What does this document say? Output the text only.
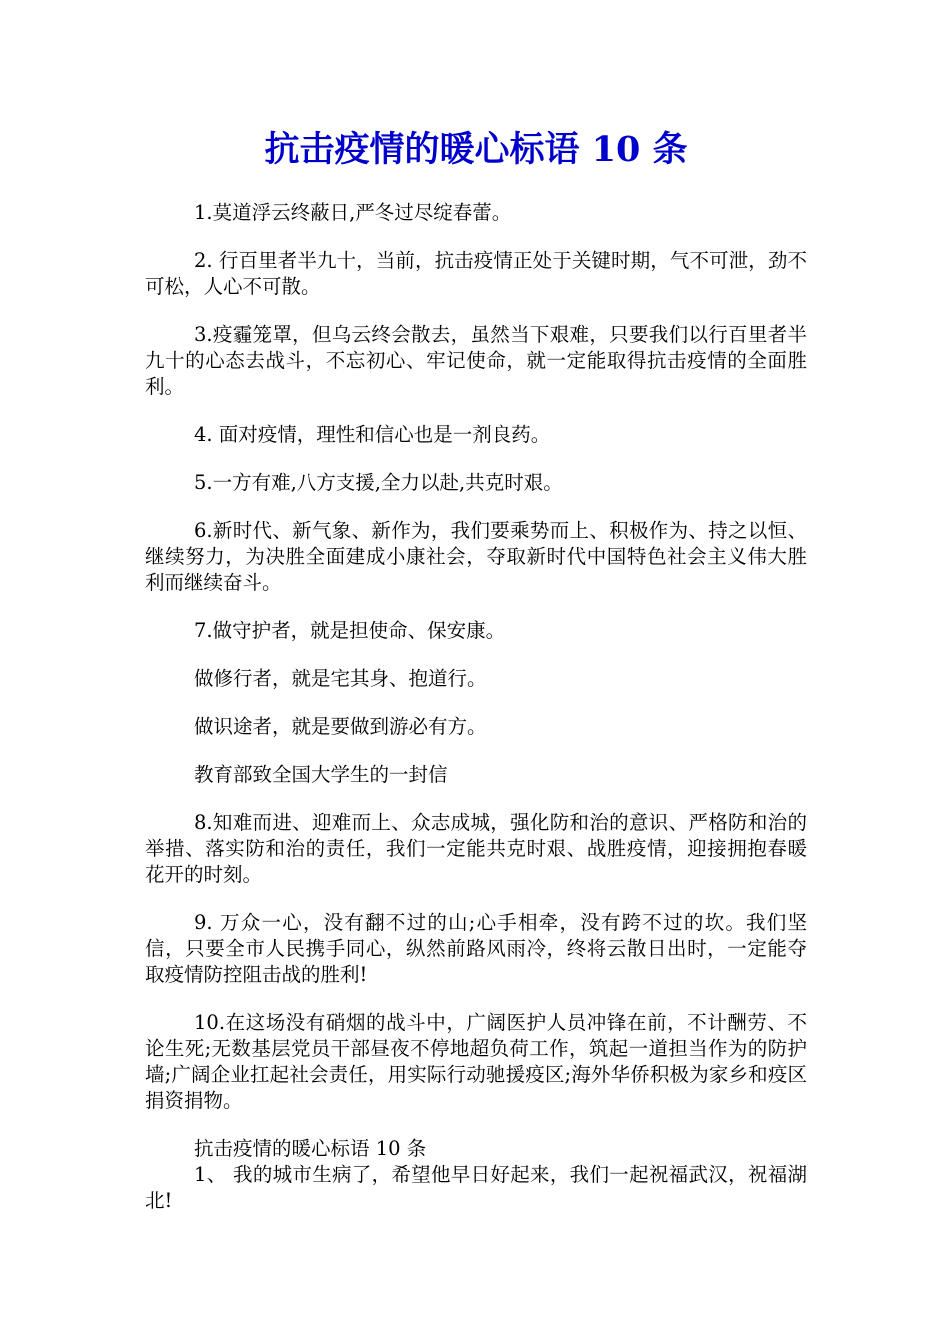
抗击疫情的暖心标语 10 条

1.莫道浮云终蔽日,严冬过尽绽春蕾。

2. 行百里者半九十，当前，抗击疫情正处于关键时期，气不可泄，劲不可松，人心不可散。

3.疫霾笼罩，但乌云终会散去，虽然当下艰难，只要我们以行百里者半九十的心态去战斗，不忘初心、牢记使命，就一定能取得抗击疫情的全面胜利。

4. 面对疫情，理性和信心也是一剂良药。

5.一方有难,八方支援,全力以赴,共克时艰。

6.新时代、新气象、新作为，我们要乘势而上、积极作为、持之以恒、继续努力，为决胜全面建成小康社会，夺取新时代中国特色社会主义伟大胜利而继续奋斗。

7.做守护者，就是担使命、保安康。

做修行者，就是宅其身、抱道行。

做识途者，就是要做到游必有方。

教育部致全国大学生的一封信

8.知难而进、迎难而上、众志成城，强化防和治的意识、严格防和治的举措、落实防和治的责任，我们一定能共克时艰、战胜疫情，迎接拥抱春暖花开的时刻。

9. 万众一心，没有翻不过的山;心手相牵，没有跨不过的坎。我们坚信，只要全市人民携手同心，纵然前路风雨冷，终将云散日出时，一定能夺取疫情防控阻击战的胜利!

10.在这场没有硝烟的战斗中，广阔医护人员冲锋在前，不计酬劳、不论生死;无数基层党员干部昼夜不停地超负荷工作，筑起一道担当作为的防护墙;广阔企业扛起社会责任，用实际行动驰援疫区;海外华侨积极为家乡和疫区捐资捐物。

抗击疫情的暖心标语 10 条

1、 我的城市生病了，希望他早日好起来，我们一起祝福武汉，祝福湖北!
